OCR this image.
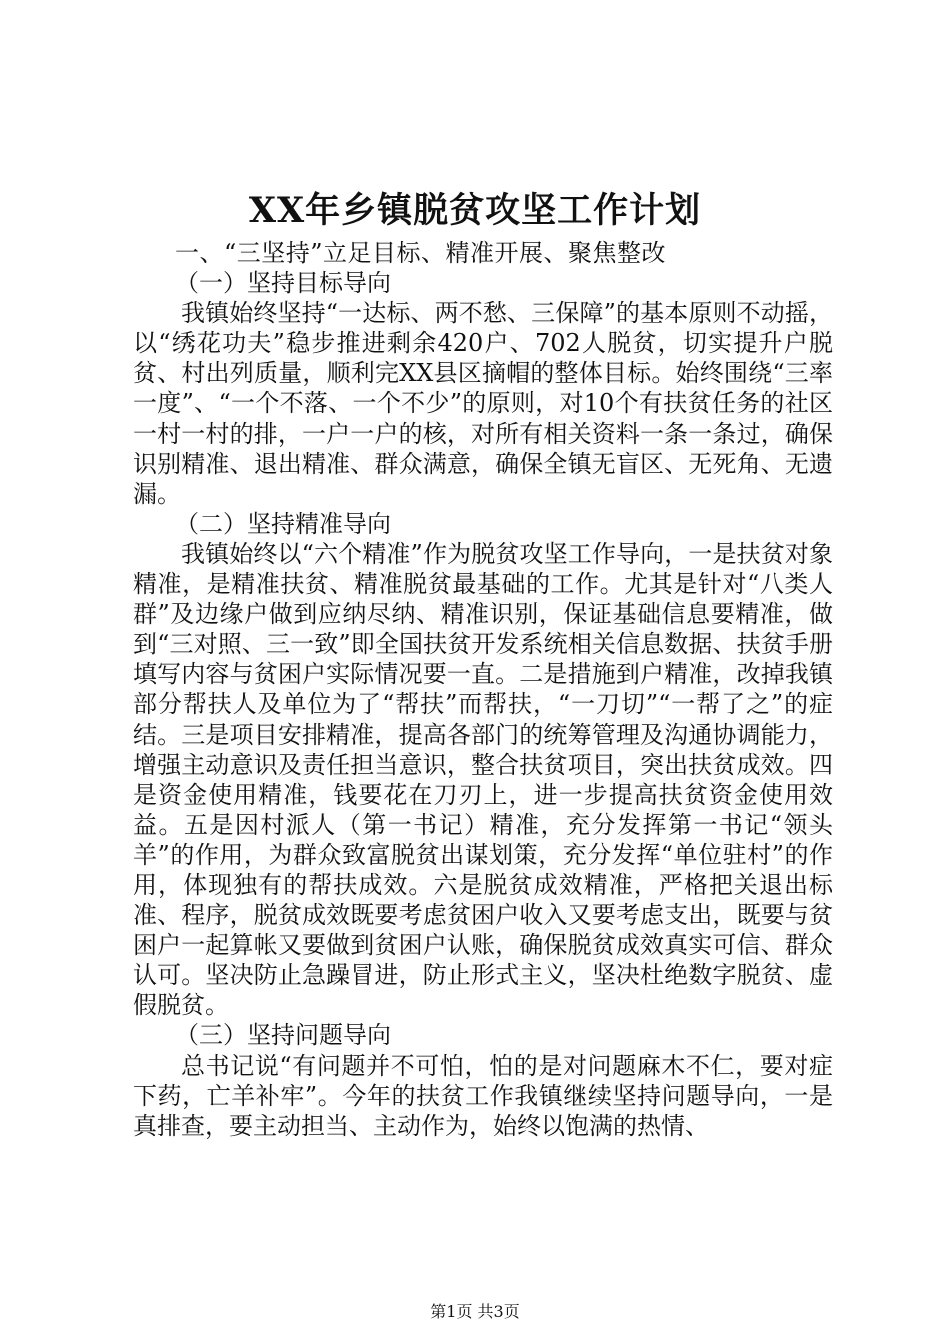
XX年乡镇脱贫攻坚工作计划

一、“三坚持”立足目标、精准开展、聚焦整改

（一）坚持目标导向

我镇始终坚持“一达标、两不愁、三保障”的基本原则不动摇，以“绣花功夫”稳步推进剩余420户、702人脱贫，切实提升户脱贫、村出列质量，顺利完XX县区摘帽的整体目标。始终围绕“三率一度”、“一个不落、一个不少”的原则，对10个有扶贫任务的社区一村一村的排，一户一户的核，对所有相关资料一条一条过，确保识别精准、退出精准、群众满意，确保全镇无盲区、无死角、无遗漏。

（二）坚持精准导向

我镇始终以“六个精准”作为脱贫攻坚工作导向，一是扶贫对象精准，是精准扶贫、精准脱贫最基础的工作。尤其是针对“八类人群”及边缘户做到应纳尽纳、精准识别，保证基础信息要精准，做到“三对照、三一致”即全国扶贫开发系统相关信息数据、扶贫手册填写内容与贫困户实际情况要一直。二是措施到户精准，改掉我镇部分帮扶人及单位为了“帮扶”而帮扶，“一刀切”“一帮了之”的症结。三是项目安排精准，提高各部门的统筹管理及沟通协调能力，增强主动意识及责任担当意识，整合扶贫项目，突出扶贫成效。四是资金使用精准，钱要花在刀刃上，进一步提高扶贫资金使用效益。五是因村派人（第一书记）精准，充分发挥第一书记“领头羊”的作用，为群众致富脱贫出谋划策，充分发挥“单位驻村”的作用，体现独有的帮扶成效。六是脱贫成效精准，严格把关退出标准、程序，脱贫成效既要考虑贫困户收入又要考虑支出，既要与贫困户一起算帐又要做到贫困户认账，确保脱贫成效真实可信、群众认可。坚决防止急躁冒进，防止形式主义，坚决杜绝数字脱贫、虚假脱贫。

（三）坚持问题导向

总书记说“有问题并不可怕，怕的是对问题麻木不仁，要对症下药，亡羊补牢”。今年的扶贫工作我镇继续坚持问题导向，一是真排查，要主动担当、主动作为，始终以饱满的热情、

第1页 共3页
